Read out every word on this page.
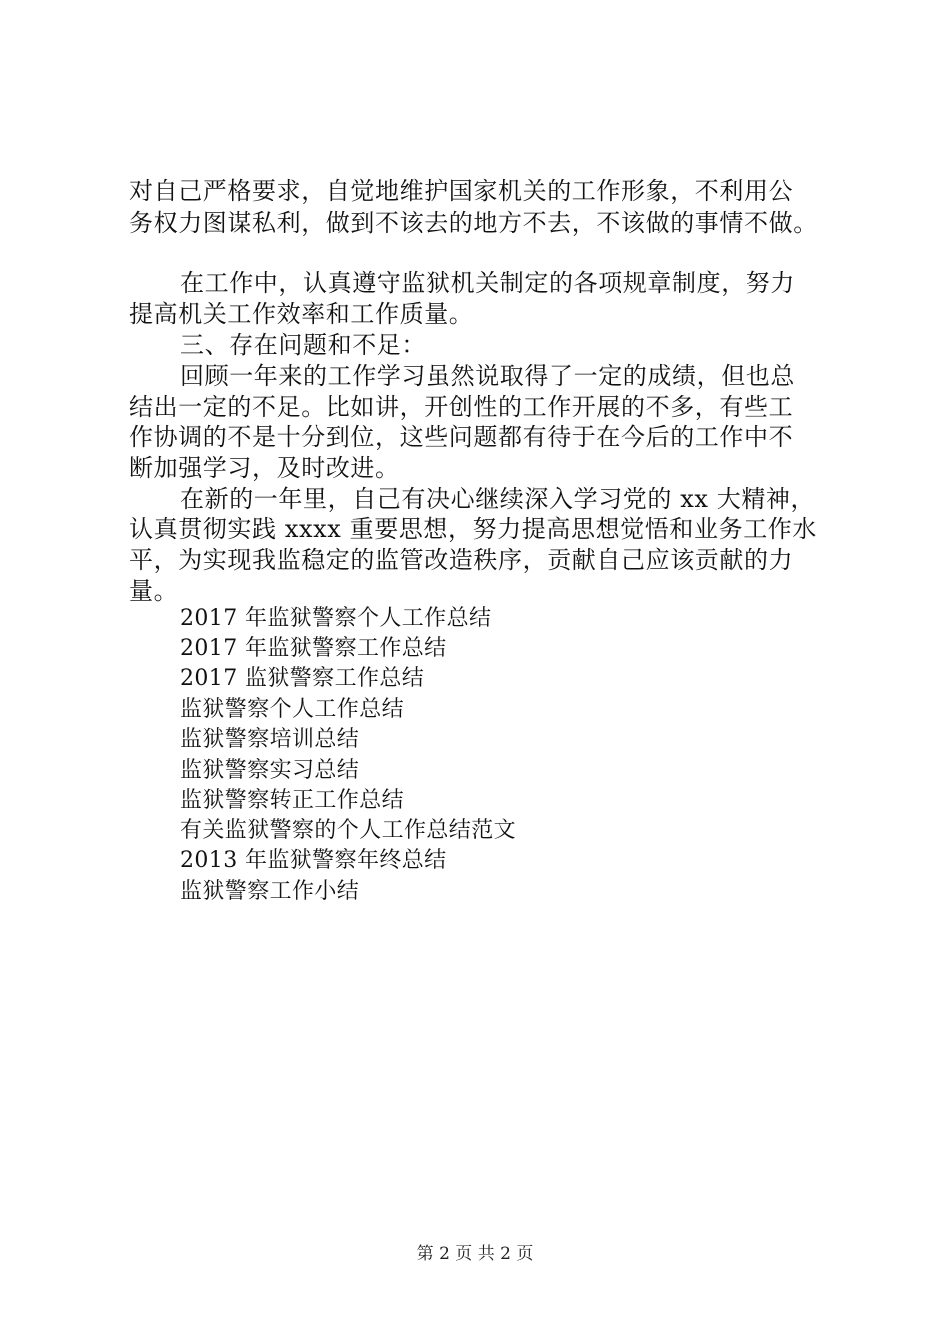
对自己严格要求，自觉地维护国家机关的工作形象，不利用公
务权力图谋私利，做到不该去的地方不去，不该做的事情不做。
在工作中，认真遵守监狱机关制定的各项规章制度，努力
提高机关工作效率和工作质量。
三、存在问题和不足：
回顾一年来的工作学习虽然说取得了一定的成绩，但也总
结出一定的不足。比如讲，开创性的工作开展的不多，有些工
作协调的不是十分到位，这些问题都有待于在今后的工作中不
断加强学习，及时改进。
在新的一年里，自己有决心继续深入学习党的 xx 大精神，
认真贯彻实践 xxxx 重要思想，努力提高思想觉悟和业务工作水
平，为实现我监稳定的监管改造秩序，贡献自己应该贡献的力
量。
2017 年监狱警察个人工作总结
2017 年监狱警察工作总结
2017 监狱警察工作总结
监狱警察个人工作总结
监狱警察培训总结
监狱警察实习总结
监狱警察转正工作总结
有关监狱警察的个人工作总结范文
2013 年监狱警察年终总结
监狱警察工作小结
第 2 页 共 2 页
